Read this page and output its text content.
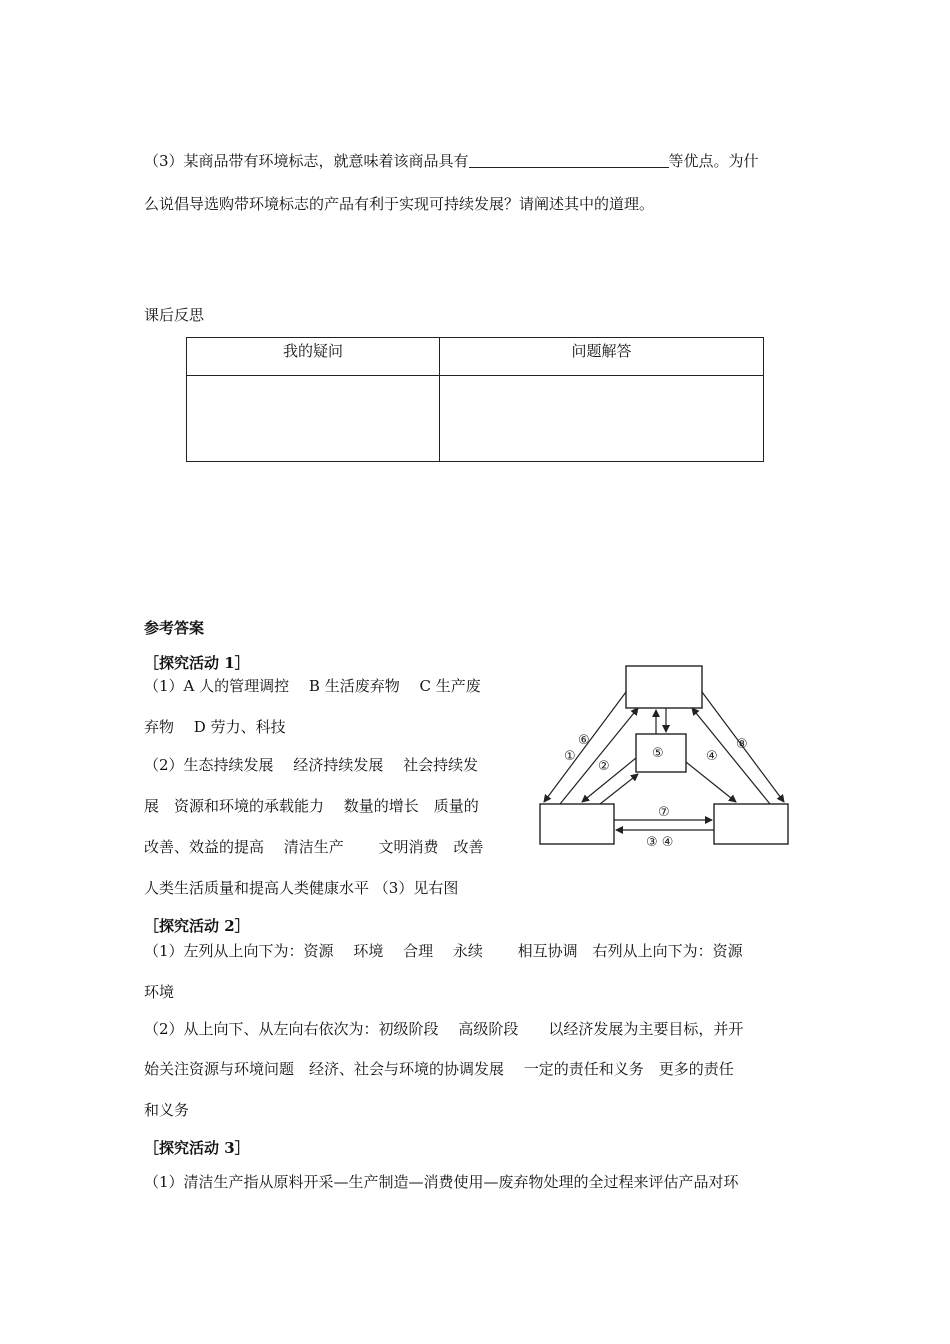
（3）某商品带有环境标志，就意味着该商品具有	等优点。为什
么说倡导选购带环境标志的产品有利于实现可持续发展？请阐述其中的道理。
课后反思
我的疑问	问题解答

参考答案
［探究活动 1］
（1）A 人的管理调控　 B 生活废弃物　 C 生产废
弃物　 D 劳力、科技
（2）生态持续发展　 经济持续发展　 社会持续发
展　资源和环境的承载能力　 数量的增长　质量的
改善、效益的提高　 清洁生产　　 文明消费　改善
人类生活质量和提高人类健康水平 （3）见右图
①
⑥
②
⑤	④
⑧
⑦
③ ④
［探究活动 2］
（1）左列从上向下为：资源　 环境　 合理　 永续　　 相互协调　右列从上向下为：资源
环境
（2）从上向下、从左向右依次为：初级阶段　 高级阶段　　以经济发展为主要目标，并开
始关注资源与环境问题　经济、社会与环境的协调发展　 一定的责任和义务　更多的责任
和义务
［探究活动 3］
（1）清洁生产指从原料开采—生产制造—消费使用—废弃物处理的全过程来评估产品对环
